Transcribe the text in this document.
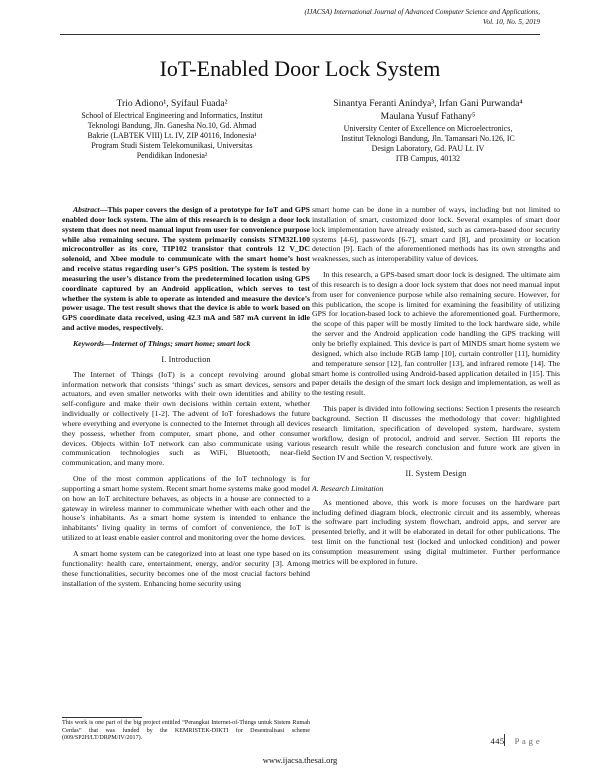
(IJACSA) International Journal of Advanced Computer Science and Applications,
Vol. 10, No. 5, 2019
IoT-Enabled Door Lock System
Trio Adiono¹, Syifaul Fuada²
School of Electrical Engineering and Informatics, Institut
Teknologi Bandung, Jln. Ganesha No.10, Gd. Ahmad
Bakrie (LABTEK VIII) Lt. IV, ZIP 40116, Indonesia¹
Program Studi Sistem Telekomunikasi, Universitas
Pendidikan Indonesia²
Sinantya Feranti Anindya³, Irfan Gani Purwanda⁴
Maulana Yusuf Fathany⁵
University Center of Excellence on Microelectronics,
Institut Teknologi Bandung, Jln. Tamansari No.126, IC
Design Laboratory, Gd. PAU Lt. IV
ITB Campus, 40132

Abstract—This paper covers the design of a prototype for IoT and GPS enabled door lock system. The aim of this research is to design a door lock system that does not need manual input from user for convenience purpose while also remaining secure. The system primarily consists STM32L100 microcontroller as its core, TIP102 transistor that controls 12 V_DC solenoid, and Xbee module to communicate with the smart home’s host and receive status regarding user’s GPS position. The system is tested by measuring the user’s distance from the predetermined location using GPS coordinate captured by an Android application, which serves to test whether the system is able to operate as intended and measure the device’s power usage. The test result shows that the device is able to work based on GPS coordinate data received, using 42.3 mA and 587 mA current in idle and active modes, respectively.

Keywords—Internet of Things; smart home; smart lock

I. Introduction

The Internet of Things (IoT) is a concept revolving around global information network that consists ‘things’ such as smart devices, sensors and actuators, and even smaller networks with their own identities and ability to self-configure and make their own decisions within certain extent, whether individually or collectively [1-2]. The advent of IoT foreshadows the future where everything and everyone is connected to the Internet through all devices they possess, whether from computer, smart phone, and other consumer devices. Objects within IoT network can also communicate using various communication technologies such as WiFi, Bluetooth, near-field communication, and many more.

One of the most common applications of the IoT technology is for supporting a smart home system. Recent smart home systems make good model on how an IoT architecture behaves, as objects in a house are connected to a gateway in wireless manner to communicate whether with each other and the house’s inhabitants. As a smart home system is intended to enhance the inhabitants’ living quality in terms of comfort of convenience, the IoT is utilized to at least enable easier control and monitoring over the home devices.

A smart home system can be categorized into at least one type based on its functionality: health care, entertainment, energy, and/or security [3]. Among these functionalities, security becomes one of the most crucial factors behind installation of the system. Enhancing home security using

This work is one part of the big project entitled “Perangkat Internet-of-Things untuk Sistem Rumah Cerdas” that was funded by the KEMRISTEK-DIKTI for Desentralisasi scheme (009/SP2H/LT/DRPM/IV/2017).

smart home can be done in a number of ways, including but not limited to installation of smart, customized door lock. Several examples of smart door lock implementation have already existed, such as camera-based door security systems [4-6], passwords [6-7], smart card [8], and proximity or location detection [9]. Each of the aforementioned methods has its own strengths and weaknesses, such as interoperability value of devices.

In this research, a GPS-based smart door lock is designed. The ultimate aim of this research is to design a door lock system that does not need manual input from user for convenience purpose while also remaining secure. However, for this publication, the scope is limited for examining the feasibility of utilizing GPS for location-based lock to achieve the aforementioned goal. Furthermore, the scope of this paper will be mostly limited to the lock hardware side, while the server and the Android application code handling the GPS tracking will only be briefly explained. This device is part of MINDS smart home system we designed, which also include RGB lamp [10], curtain controller [11], humidity and temperature sensor [12], fan controller [13], and infrared remote [14]. The smart home is controlled using Android-based application detailed in [15]. This paper details the design of the smart lock design and implementation, as well as the testing result.

This paper is divided into following sections: Section I presents the research background. Section II discusses the methodology that cover: highlighted research limitation, specification of developed system, hardware, system workflow, design of protocol, android and server. Section III reports the research result while the research conclusion and future work are given in Section IV and Section V, respectively.

II. System Design
A. Research Limitation

As mentioned above, this work is more focuses on the hardware part including defined diagram block, electronic circuit and its assembly, whereas the software part including system flowchart, android apps, and server are presented briefly, and it will be elaborated in detail for other publications. The test limit on the functional test (locked and unlocked condition) and power consumption measurement using digital multimeter. Further performance metrics will be explored in future.

445 P a g e
www.ijacsa.thesai.org
